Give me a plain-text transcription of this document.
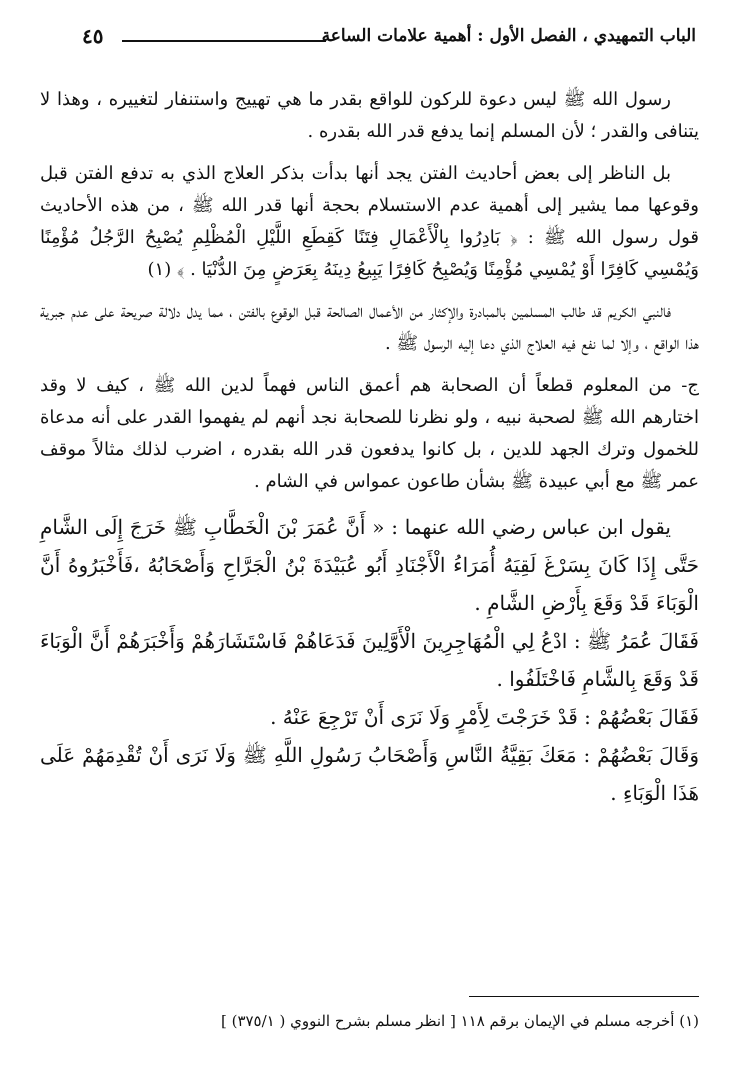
الباب التمهيدي ، الفصل الأول : أهمية علامات الساعة
٤٥

رسول الله ﷺ ليس دعوة للركون للواقع بقدر ما هي تهييج واستنفار لتغييره ، وهذا لا يتنافى والقدر ؛ لأن المسلم إنما يدفع قدر الله بقدره .

بل الناظر إلى بعض أحاديث الفتن يجد أنها بدأت بذكر العلاج الذي به تدفع الفتن قبل وقوعها مما يشير إلى أهمية عدم الاستسلام بحجة أنها قدر الله ﷺ ، من هذه الأحاديث قول رسول الله ﷺ : ﴿ بَادِرُوا بِالْأَعْمَالِ فِتَنًا كَقِطَعِ اللَّيْلِ الْمُظْلِمِ يُصْبِحُ الرَّجُلُ مُؤْمِنًا وَيُمْسِي كَافِرًا أَوْ يُمْسِي مُؤْمِنًا وَيُصْبِحُ كَافِرًا يَبِيعُ دِينَهُ بِعَرَضٍ مِنَ الدُّنْيَا . ﴾ (١)

فالنبي الكريم قد طالب المسلمين بالمبادرة والإكثار من الأعمال الصالحة قبل الوقوع بالفتن ، مما يدل دلالة صريحة على عدم جبرية هذا الواقع ، وإلا لما نفع فيه العلاج الذي دعا إليه الرسول ﷺ .

ج- من المعلوم قطعاً أن الصحابة هم أعمق الناس فهماً لدين الله ﷺ ، كيف لا وقد اختارهم الله ﷺ لصحبة نبيه ، ولو نظرنا للصحابة نجد أنهم لم يفهموا القدر على أنه مدعاة للخمول وترك الجهد للدين ، بل كانوا يدفعون قدر الله بقدره ، اضرب لذلك مثالاً موقف عمر ﷺ مع أبي عبيدة ﷺ بشأن طاعون عمواس في الشام .

يقول ابن عباس رضي الله عنهما : « أَنَّ عُمَرَ بْنَ الْخَطَّابِ ﷺ خَرَجَ إِلَى الشَّامِ حَتَّى إِذَا كَانَ بِسَرْغَ لَقِيَهُ أُمَرَاءُ الْأَجْنَادِ أَبُو عُبَيْدَةَ بْنُ الْجَرَّاحِ وَأَصْحَابُهُ ،فَأَخْبَرُوهُ أَنَّ الْوَبَاءَ قَدْ وَقَعَ بِأَرْضِ الشَّامِ .

فَقَالَ عُمَرُ ﷺ : ادْعُ لِي الْمُهَاجِرِينَ الْأَوَّلِينَ فَدَعَاهُمْ فَاسْتَشَارَهُمْ وَأَخْبَرَهُمْ أَنَّ الْوَبَاءَ قَدْ وَقَعَ بِالشَّامِ فَاخْتَلَفُوا .

فَقَالَ بَعْضُهُمْ : قَدْ خَرَجْتَ لِأَمْرٍ وَلَا نَرَى أَنْ تَرْجِعَ عَنْهُ .

وَقَالَ بَعْضُهُمْ : مَعَكَ بَقِيَّةُ النَّاسِ وَأَصْحَابُ رَسُولِ اللَّهِ ﷺ وَلَا نَرَى أَنْ تُقْدِمَهُمْ عَلَى هَذَا الْوَبَاءِ .

(١) أخرجه مسلم في الإيمان برقم ١١٨ [ انظر مسلم بشرح النووي ( ٣٧٥/١) ]
